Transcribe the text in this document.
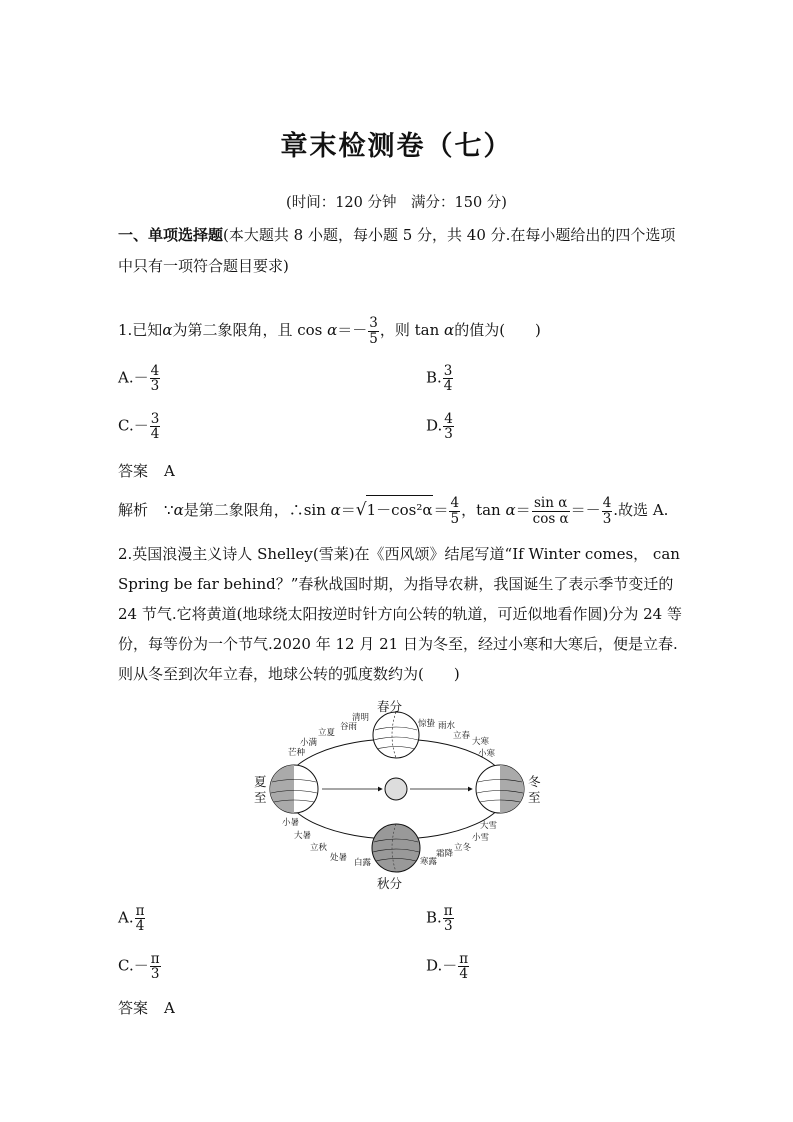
章末检测卷（七）
(时间：120 分钟　满分：150 分)
一、单项选择题(本大题共 8 小题，每小题 5 分，共 40 分.在每小题给出的四个选项中只有一项符合题目要求)
1.已知α为第二象限角，且 $\cos \alpha=- \frac{3}{5}$ ，则 tan α的值为(　　)
$A.- \frac{4}{3}$	B. $\frac{3}{4}$
$C.- \frac{3}{4}$	D. $\frac{4}{3}$
答案 A
解析 ∵α是第二象限角，∴sin $\alpha=√1-\cos^2\alpha= \frac{4}{5}$ ，$\tan \alpha= \frac{\text{sin α}}{\text{cos α}} =- \frac{4}{3}$ .故选 A.
2.英国浪漫主义诗人 Shelley(雪莱)在《西风颂》结尾写道“If Winter comes， can Spring be far behind？”春秋战国时期，为指导农耕，我国诞生了表示季节变迁的 24 节气.它将黄道(地球绕太阳按逆时针方向公转的轨道，可近似地看作圆)分为 24 等份，每等份为一个节气.2020 年 12 月 21 日为冬至，经过小寒和大寒后，便是立春.则从冬至到次年立春，地球公转的弧度数约为(　　)
春分
秋分
夏
至
冬
至
清明
谷雨
立夏
小满
芒种
惊蛰 雨水
立春
大寒
小寒
小暑
大暑
立秋
处暑 白露	寒露
霜降
立冬
小雪
大雪
A. $\frac{\pi}{4}$	B. $\frac{\pi}{3}$
$C.- \frac{\pi}{3}$	$D.- \frac{\pi}{4}$
答案 A
